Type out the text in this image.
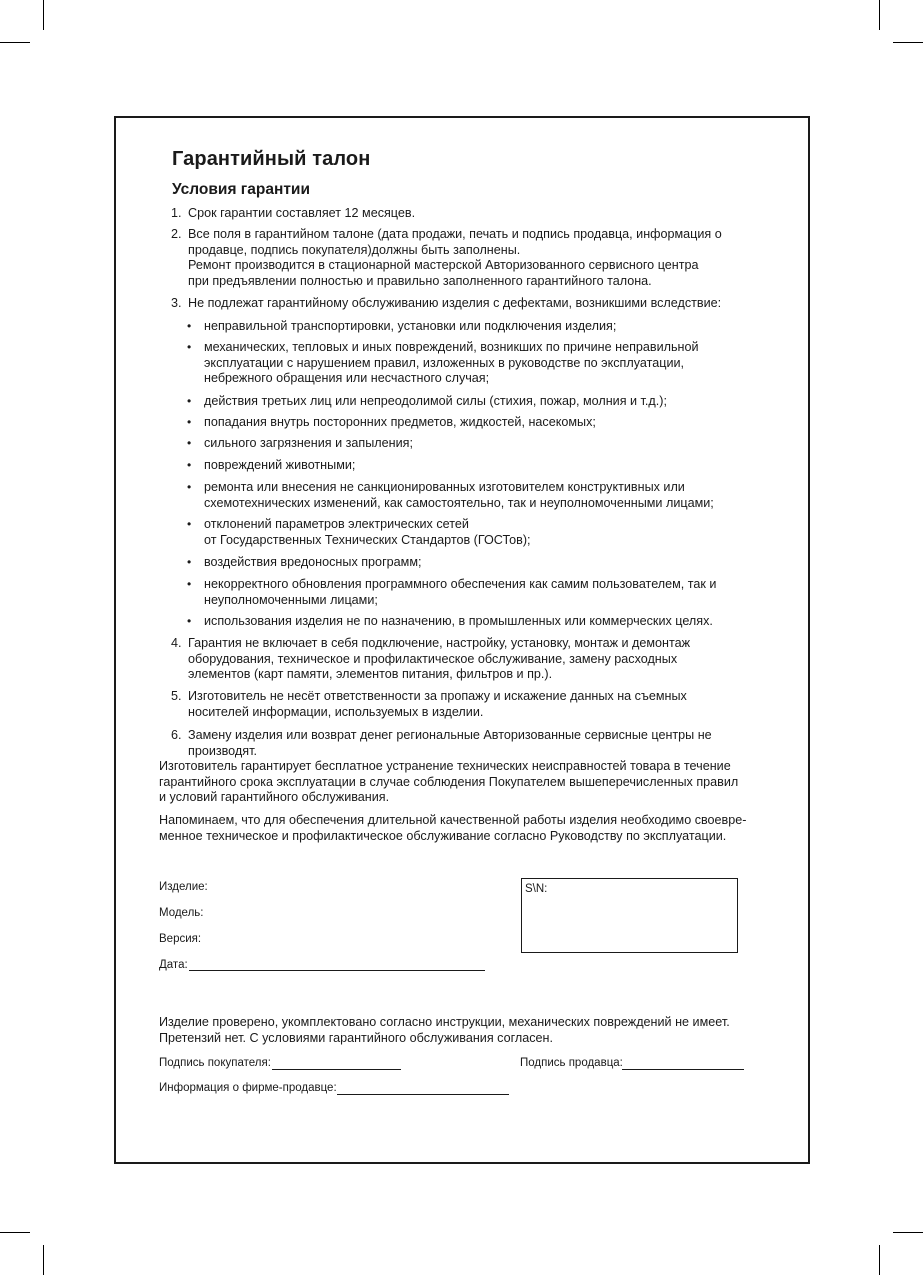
Гарантийный талон
Условия гарантии
1. Срок гарантии составляет 12 месяцев.
2. Все поля в гарантийном талоне (дата продажи, печать и подпись продавца, информация о
продавце, подпись покупателя)должны быть заполнены.
Ремонт производится в стационарной мастерской Авторизованного сервисного центра
при предъявлении полностью и правильно заполненного гарантийного талона.
3. Не подлежат гарантийному обслуживанию изделия с дефектами, возникшими вследствие:
• неправильной транспортировки, установки или подключения изделия;
• механических, тепловых и иных повреждений, возникших по причине неправильной
эксплуатации с нарушением правил, изложенных в руководстве по эксплуатации,
небрежного обращения или несчастного случая;
• действия третьих лиц или непреодолимой силы (стихия, пожар, молния и т.д.);
• попадания внутрь посторонних предметов, жидкостей, насекомых;
• сильного загрязнения и запыления;
• повреждений животными;
• ремонта или внесения не санкционированных изготовителем конструктивных или
схемотехнических изменений, как самостоятельно, так и неуполномоченными лицами;
• отклонений параметров электрических сетей
от Государственных Технических Стандартов (ГОСТов);
• воздействия вредоносных программ;
• некорректного обновления программного обеспечения как самим пользователем, так и
неуполномоченными лицами;
• использования изделия не по назначению, в промышленных или коммерческих целях.
4. Гарантия не включает в себя подключение, настройку, установку, монтаж и демонтаж
оборудования, техническое и профилактическое обслуживание, замену расходных
элементов (карт памяти, элементов питания, фильтров и пр.).
5. Изготовитель не несёт ответственности за пропажу и искажение данных на съемных
носителей информации, используемых в изделии.
6. Замену изделия или возврат денег региональные Авторизованные сервисные центры не
производят.
Изготовитель гарантирует бесплатное устранение технических неисправностей товара в течение
гарантийного срока эксплуатации в случае соблюдения Покупателем вышеперечисленных правил
и условий гарантийного обслуживания.
Напоминаем, что для обеспечения длительной качественной работы изделия необходимо своевре-
менное техническое и профилактическое обслуживание согласно Руководству по эксплуатации.
Изделие:
Модель:
Версия:
Дата:
S\N:
Изделие проверено, укомплектовано согласно инструкции, механических повреждений не имеет.
Претензий нет. С условиями гарантийного обслуживания согласен.
Подпись покупателя:	Подпись продавца:
Информация о фирме-продавце:
